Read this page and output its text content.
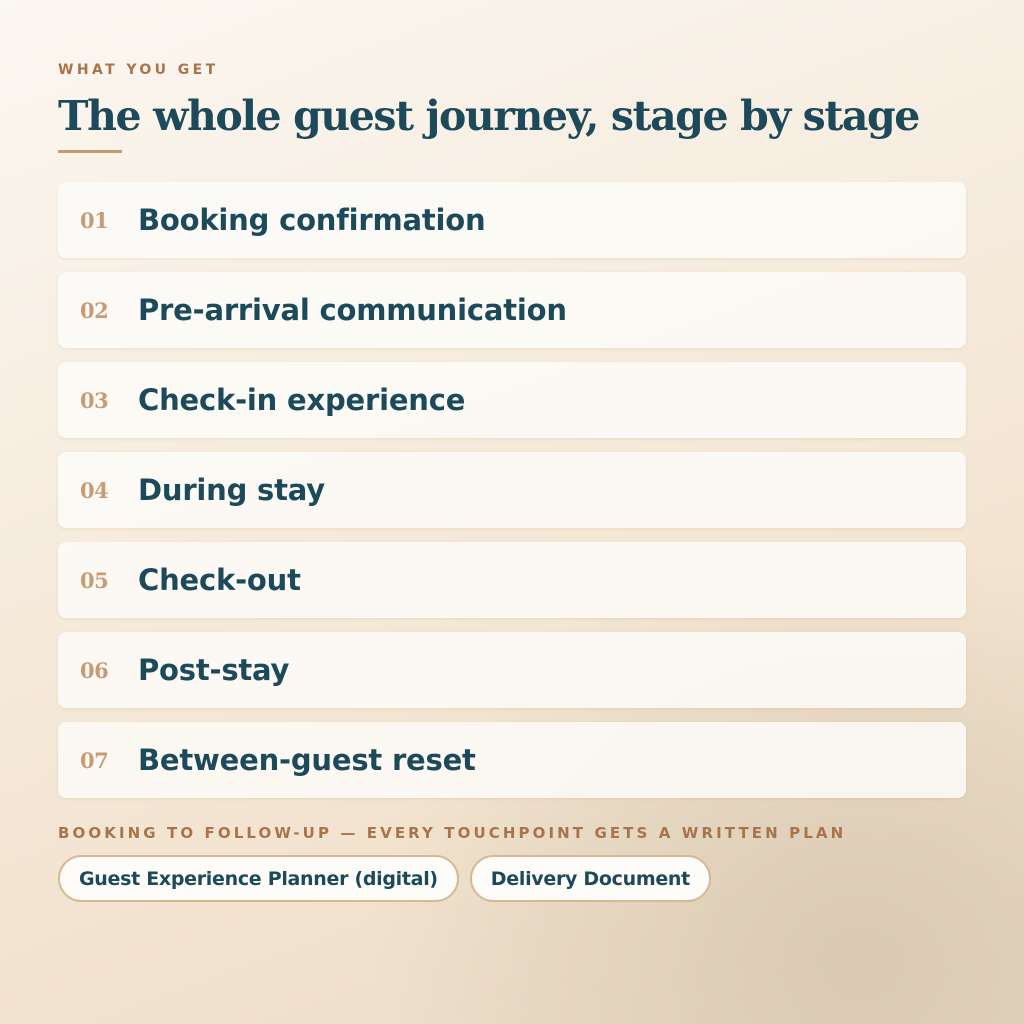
WHAT YOU GET

The whole guest journey, stage by stage
01	Booking confirmation
02	Pre-arrival communication
03	Check-in experience
04	During stay
05	Check-out
06	Post-stay
07	Between-guest reset

BOOKING TO FOLLOW-UP — EVERY TOUCHPOINT GETS A WRITTEN PLAN

Guest Experience Planner (digital)	Delivery Document
